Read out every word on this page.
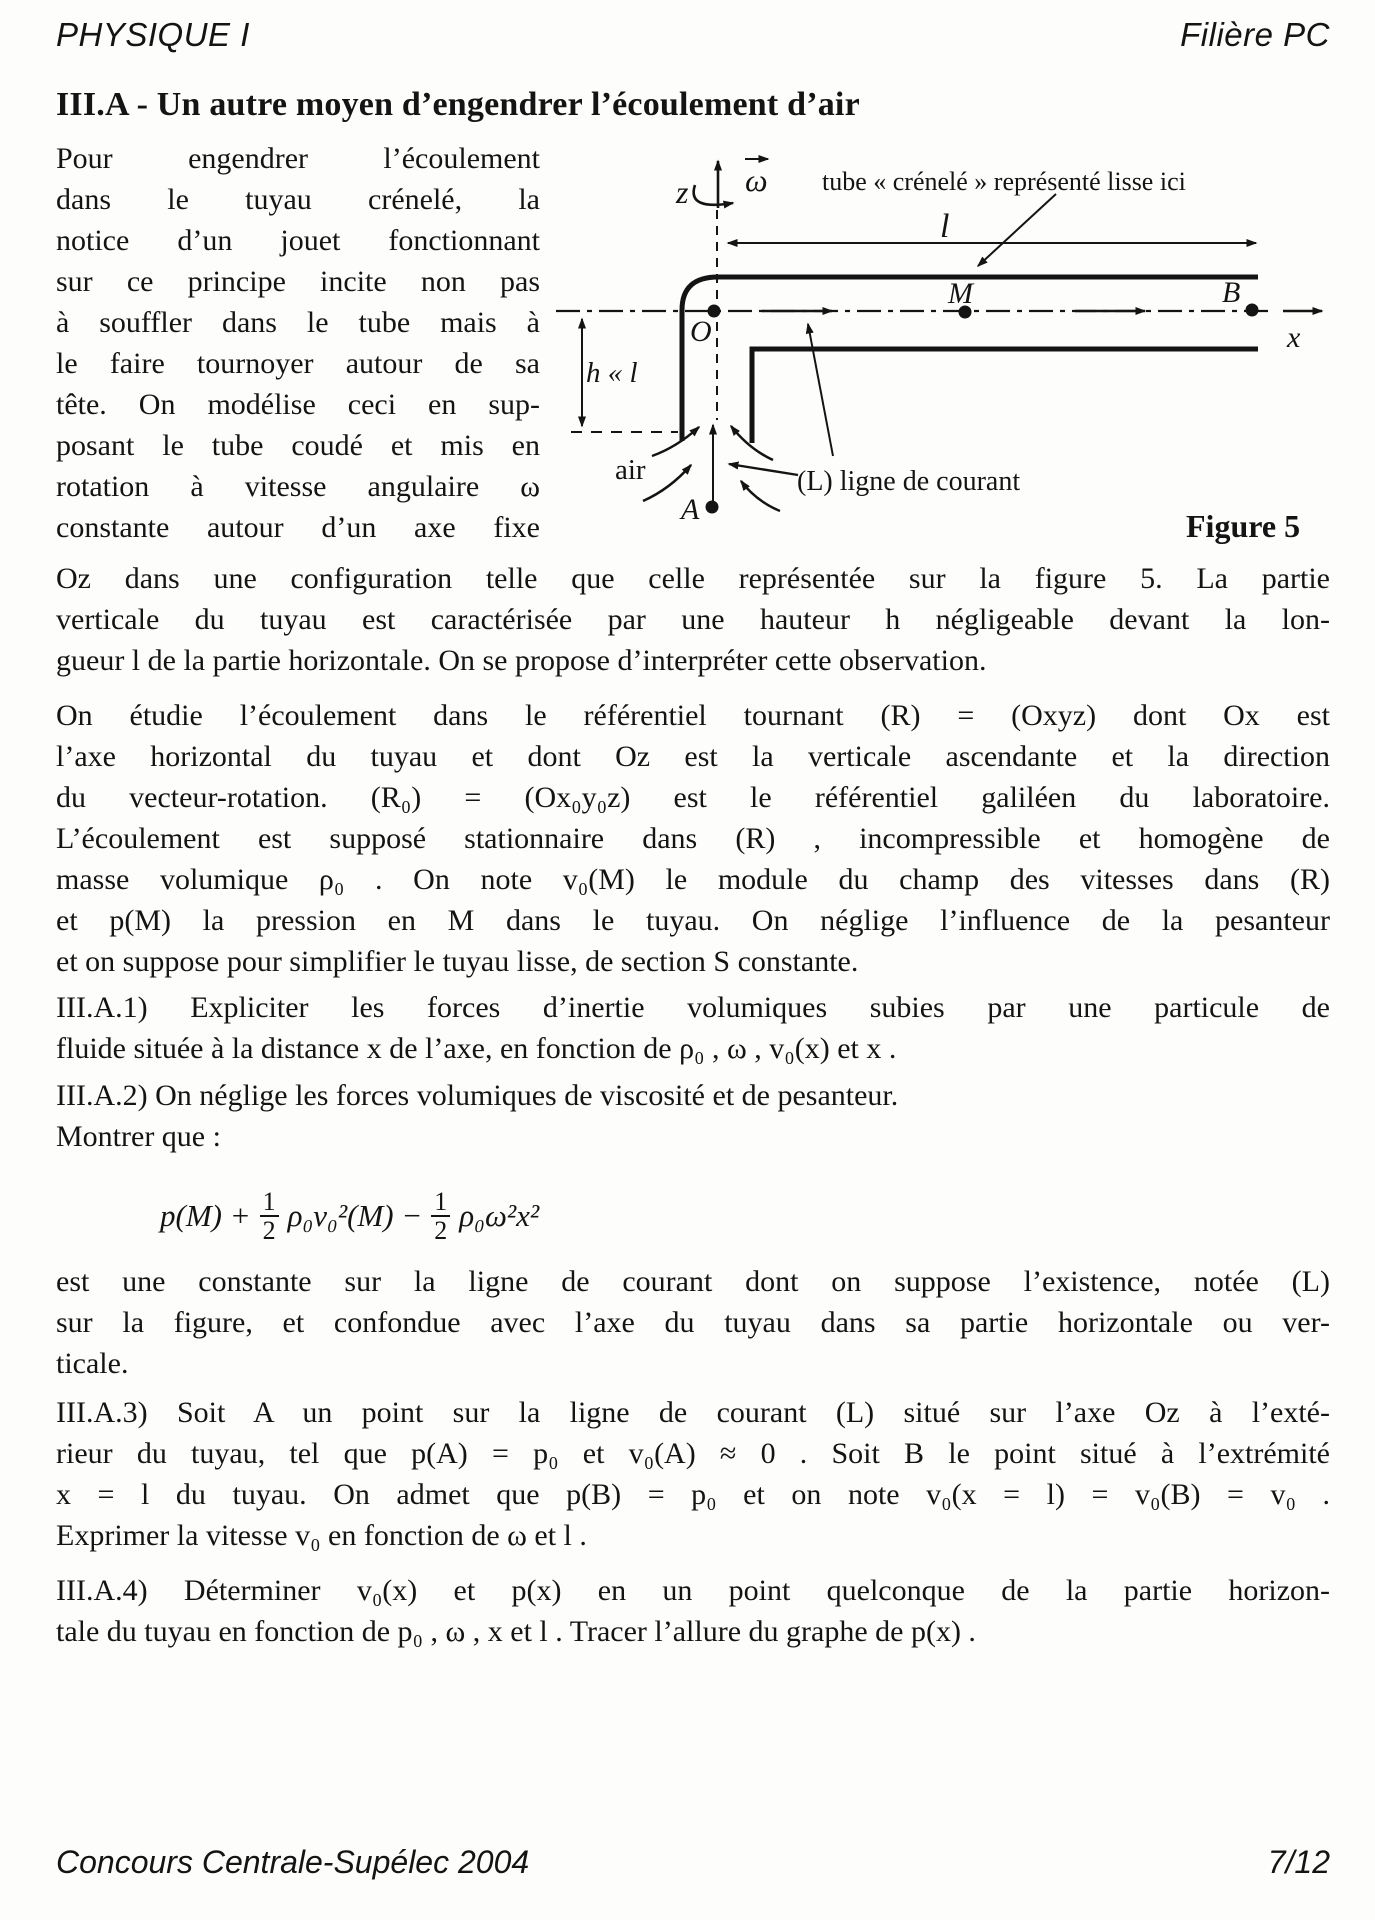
PHYSIQUE I	Filière PC
III.A - Un autre moyen d’engendrer l’écoulement d’air
Pour engendrer l’écoulement
dans le tuyau crénelé, la
notice d’un jouet fonctionnant
sur ce principe incite non pas
à souffler dans le tube mais à
le faire tournoyer autour de sa
tête. On modélise ceci en sup-
posant le tube coudé et mis en
rotation à vitesse angulaire ω
constante autour d’un axe fixe
z ω tube « crénelé » représenté lisse ici
l
O
M	B
x
h « l
air
A
(L) ligne de courant
Figure 5
Oz dans une configuration telle que celle représentée sur la figure 5. La partie
verticale du tuyau est caractérisée par une hauteur h négligeable devant la lon-
gueur l de la partie horizontale. On se propose d’interpréter cette observation.
On étudie l’écoulement dans le référentiel tournant (R) = (Oxyz) dont Ox est
l’axe horizontal du tuyau et dont Oz est la verticale ascendante et la direction
du vecteur-rotation. (R₀) = (Ox₀y₀z) est le référentiel galiléen du laboratoire.
L’écoulement est supposé stationnaire dans (R) , incompressible et homogène de
masse volumique ρ₀ . On note v₀(M) le module du champ des vitesses dans (R)
et p(M) la pression en M dans le tuyau. On néglige l’influence de la pesanteur
et on suppose pour simplifier le tuyau lisse, de section S constante.
III.A.1) Expliciter les forces d’inertie volumiques subies par une particule de
fluide située à la distance x de l’axe, en fonction de ρ₀ , ω , v₀(x) et x .
III.A.2) On néglige les forces volumiques de viscosité et de pesanteur.
Montrer que :
$p(M) + \frac{1}{2} \rho_0v_0^2(M) - \frac{1}{2} \rho_0\omega^2x^2$
est une constante sur la ligne de courant dont on suppose l’existence, notée (L)
sur la figure, et confondue avec l’axe du tuyau dans sa partie horizontale ou ver-
ticale.
III.A.3) Soit A un point sur la ligne de courant (L) situé sur l’axe Oz à l’exté-
rieur du tuyau, tel que p(A) = p₀ et v₀(A) ≈ 0 . Soit B le point situé à l’extrémité
x = l du tuyau. On admet que p(B) = p₀ et on note v₀(x = l) = v₀(B) = v₀ .
Exprimer la vitesse v₀ en fonction de ω et l .
III.A.4) Déterminer v₀(x) et p(x) en un point quelconque de la partie horizon-
tale du tuyau en fonction de p₀ , ω , x et l . Tracer l’allure du graphe de p(x) .
Concours Centrale-Supélec 2004	7/12
